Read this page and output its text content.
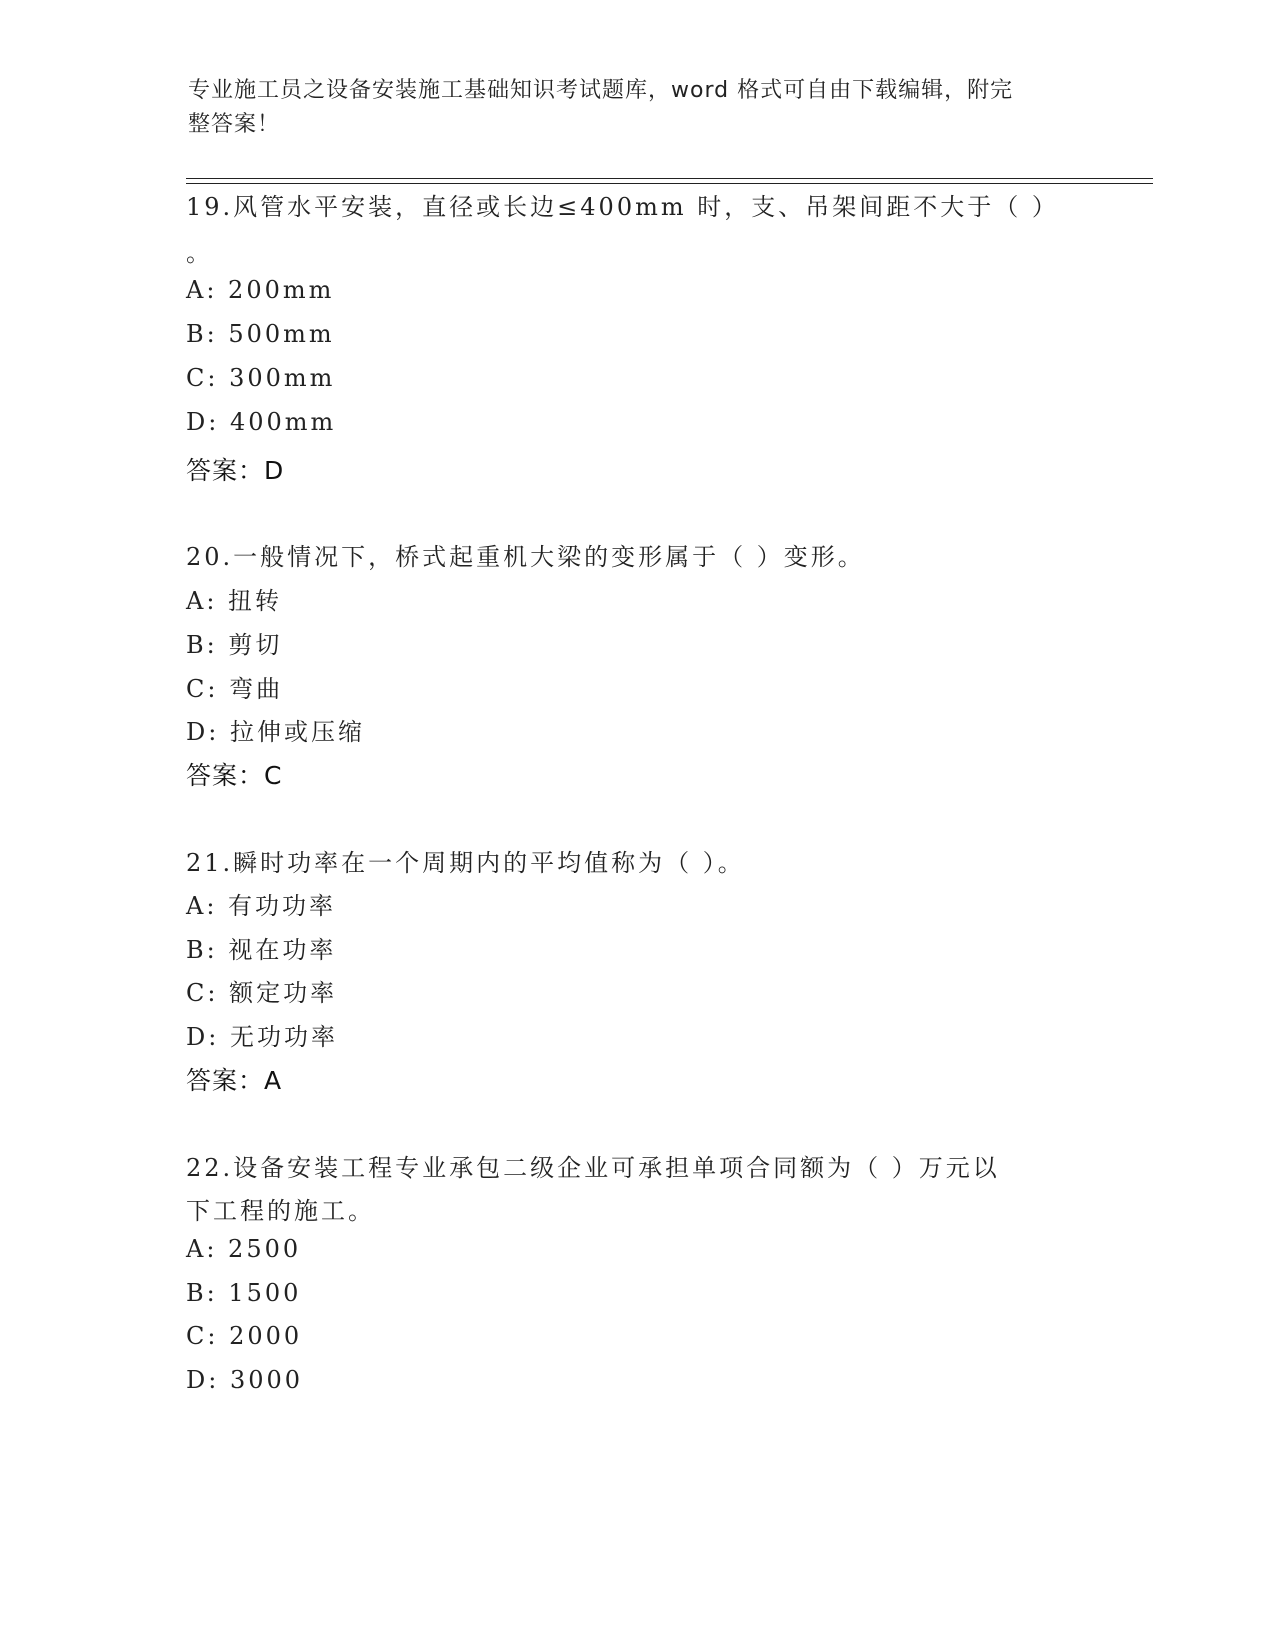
专业施工员之设备安装施工基础知识考试题库，word 格式可自由下载编辑，附完
整答案！
19.风管水平安装，直径或长边≤400mm 时，支、吊架间距不大于（ ）
。
A: 200mm
B: 500mm
C: 300mm
D: 400mm
答案：D
20.一般情况下，桥式起重机大梁的变形属于（ ）变形。
A: 扭转
B: 剪切
C: 弯曲
D: 拉伸或压缩
答案：C
21.瞬时功率在一个周期内的平均值称为（ ）。
A: 有功功率
B: 视在功率
C: 额定功率
D: 无功功率
答案：A
22.设备安装工程专业承包二级企业可承担单项合同额为（ ）万元以
下工程的施工。
A: 2500
B: 1500
C: 2000
D: 3000
